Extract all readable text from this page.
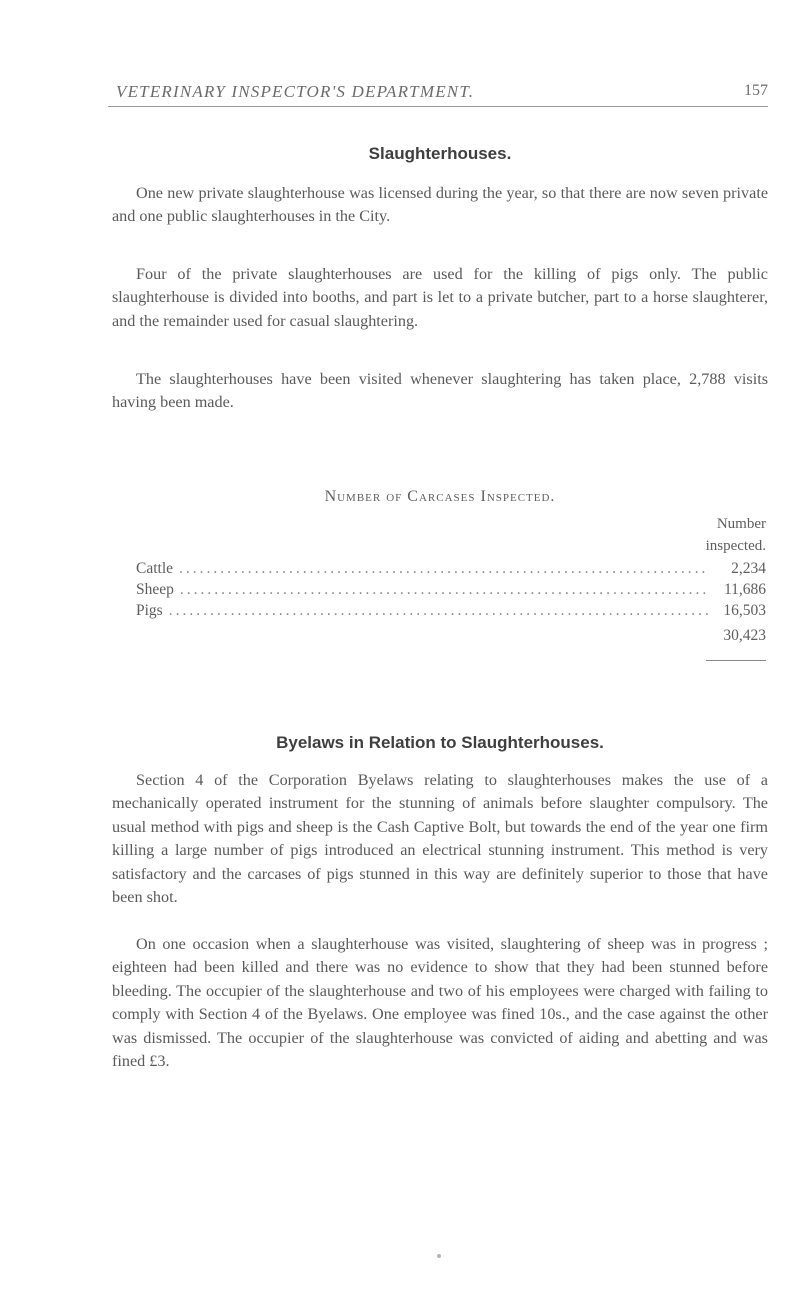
VETERINARY INSPECTOR'S DEPARTMENT.	157
Slaughterhouses.

One new private slaughterhouse was licensed during the year, so that there are now seven private and one public slaughterhouses in the City.

Four of the private slaughterhouses are used for the killing of pigs only. The public slaughterhouse is divided into booths, and part is let to a private butcher, part to a horse slaughterer, and the remainder used for casual slaughtering.

The slaughterhouses have been visited whenever slaughtering has taken place, 2,788 visits having been made.

Number of Carcases Inspected.
Number
inspected.
Cattle .....	2,234
Sheep .....	11,686
Pigs .....	16,503
30,423
Byelaws in Relation to Slaughterhouses.

Section 4 of the Corporation Byelaws relating to slaughterhouses makes the use of a mechanically operated instrument for the stunning of animals before slaughter compulsory. The usual method with pigs and sheep is the Cash Captive Bolt, but towards the end of the year one firm killing a large number of pigs introduced an electrical stunning instrument. This method is very satisfactory and the carcases of pigs stunned in this way are definitely superior to those that have been shot.

On one occasion when a slaughterhouse was visited, slaughtering of sheep was in progress ; eighteen had been killed and there was no evidence to show that they had been stunned before bleeding. The occupier of the slaughterhouse and two of his employees were charged with failing to comply with Section 4 of the Byelaws. One employee was fined 10s., and the case against the other was dismissed. The occupier of the slaughterhouse was convicted of aiding and abetting and was fined £3.
